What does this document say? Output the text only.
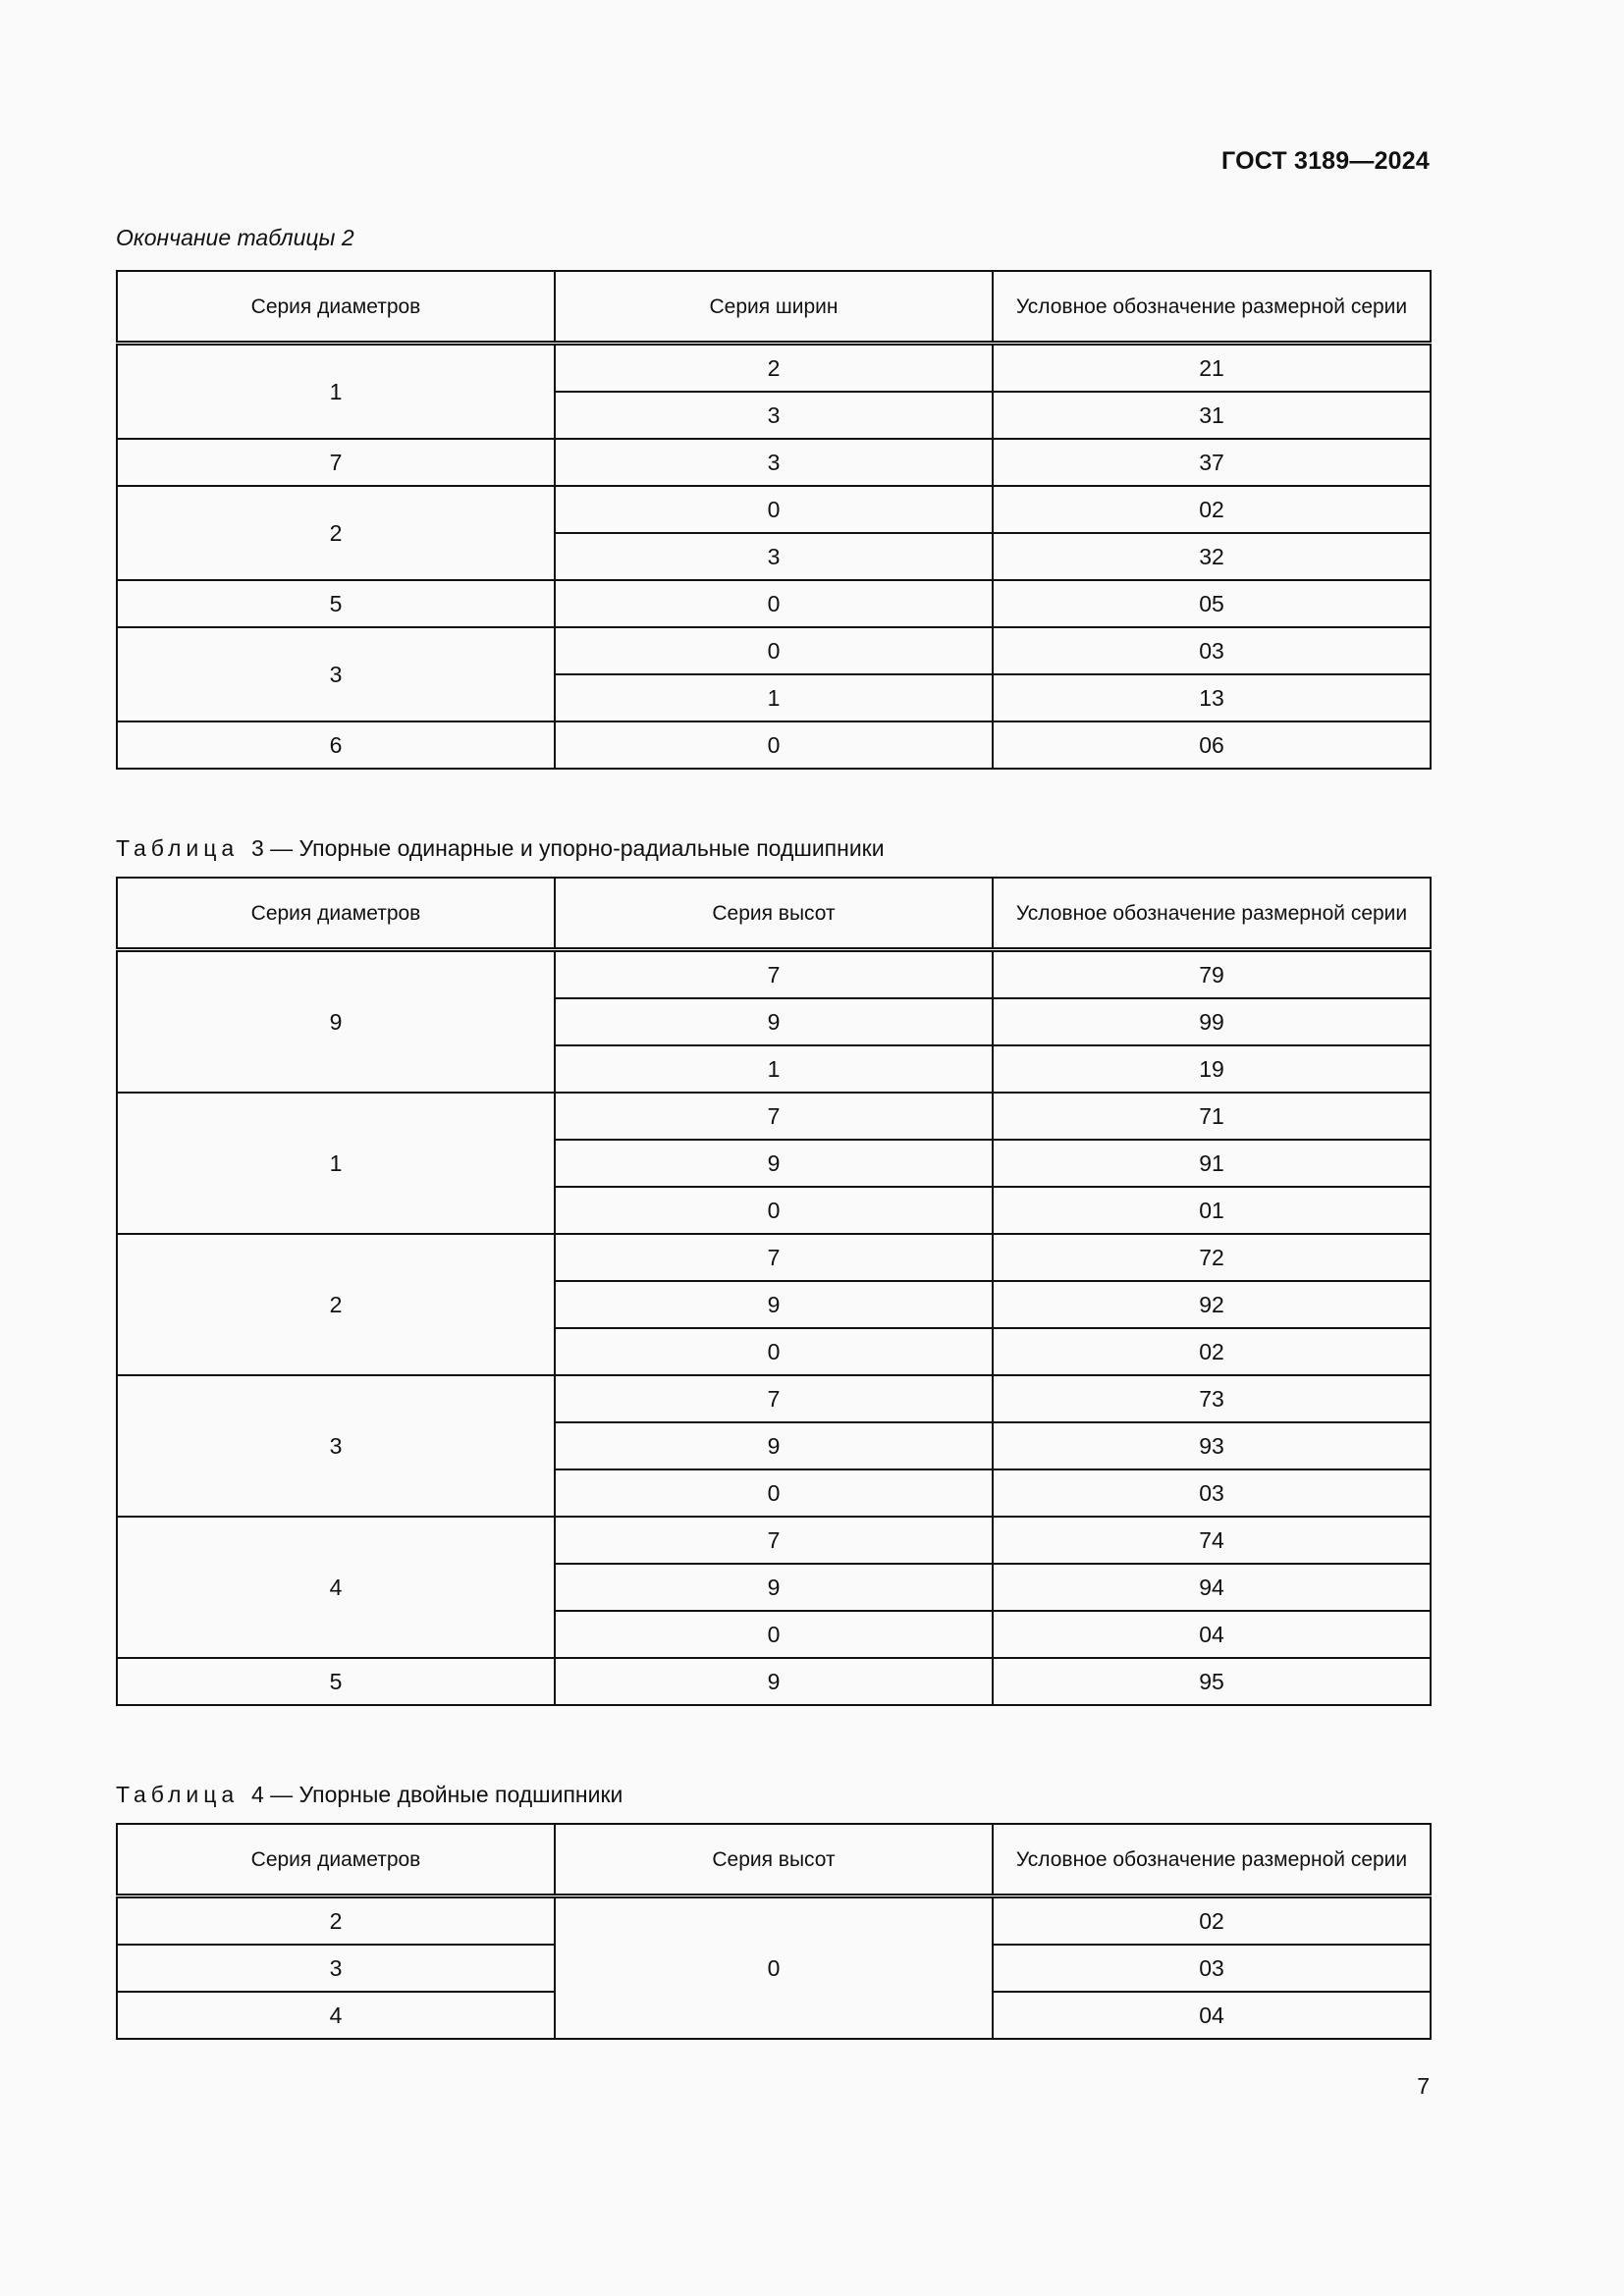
ГОСТ 3189—2024
Окончание таблицы 2
Серия диаметров	Серия ширин	Условное обозначение размерной серии
1	2	21
	3	31
7	3	37
2	0	02
	3	32
5	0	05
3	0	03
	1	13
6	0	06
Таблица 3 — Упорные одинарные и упорно-радиальные подшипники
Серия диаметров	Серия высот	Условное обозначение размерной серии
9	7	79
	9	99
	1	19
1	7	71
	9	91
	0	01
2	7	72
	9	92
	0	02
3	7	73
	9	93
	0	03
4	7	74
	9	94
	0	04
5	9	95
Таблица 4 — Упорные двойные подшипники
Серия диаметров	Серия высот	Условное обозначение размерной серии
2	0	02
3		03
4		04
7
